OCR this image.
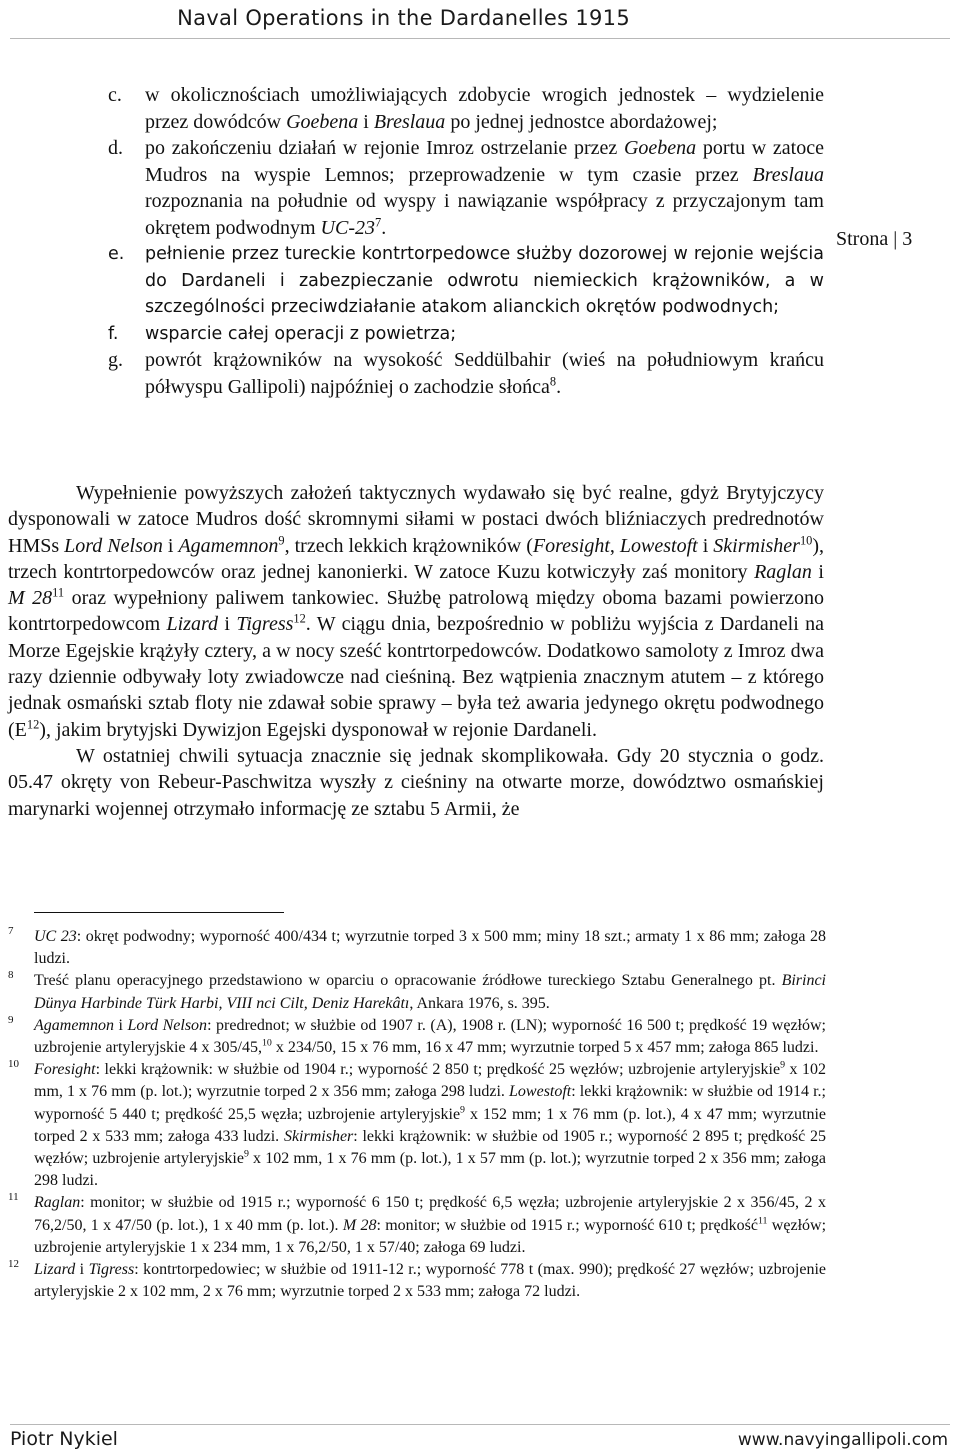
Naval Operations in the Dardanelles 1915
Strona | 3
c. w okolicznościach umożliwiających zdobycie wrogich jednostek – wydzielenie przez dowódców Goebena i Breslaua po jednej jednostce abordażowej;
d. po zakończeniu działań w rejonie Imroz ostrzelanie przez Goebena portu w zatoce Mudros na wyspie Lemnos; przeprowadzenie w tym czasie przez Breslaua rozpoznania na południe od wyspy i nawiązanie współpracy z przyczajonym tam okrętem podwodnym $UC-23^7$.
e. pełnienie przez tureckie kontrtorpedowce służby dozorowej w rejonie wejścia do Dardaneli i zabezpieczanie odwrotu niemieckich krążowników, a w szczególności przeciwdziałanie atakom alianckich okrętów podwodnych;
f. wsparcie całej operacji z powietrza;
g. powrót krążowników na wysokość Seddülbahir (wieś na południowym krańcu półwyspu Gallipoli) najpóźniej o zachodzie słońca$^8$.

Wypełnienie powyższych założeń taktycznych wydawało się być realne, gdyż Brytyjczycy dysponowali w zatoce Mudros dość skromnymi siłami w postaci dwóch bliźniaczych predrednotów HMSs Lord Nelson i Agamemnon$^9$, trzech lekkich krążowników (Foresight, Lowestoft i Skirmisher$^{10}$), trzech kontrtorpedowców oraz jednej kanonierki. W zatoce Kuzu kotwiczyły zaś monitory Raglan i M $28^{11}$ oraz wypełniony paliwem tankowiec. Służbę patrolową między oboma bazami powierzono kontrtorpedowcom Lizard i Tigress$^{12}$. W ciągu dnia, bezpośrednio w pobliżu wyjścia z Dardaneli na Morze Egejskie krążyły cztery, a w nocy sześć kontrtorpedowców. Dodatkowo samoloty z Imroz dwa razy dziennie odbywały loty zwiadowcze nad cieśniną. Bez wątpienia znacznym atutem – z którego jednak osmański sztab floty nie zdawał sobie sprawy – była też awaria jedynego okrętu podwodnego $(E^{12})$, jakim brytyjski Dywizjon Egejski dysponował w rejonie Dardaneli.

W ostatniej chwili sytuacja znacznie się jednak skomplikowała. Gdy 20 stycznia o godz. 05.47 okręty von Rebeur-Paschwitza wyszły z cieśniny na otwarte morze, dowództwo osmańskiej marynarki wojennej otrzymało informację ze sztabu 5 Armii, że

7 UC 23: okręt podwodny; wyporność 400/434 t; wyrzutnie torped 3 x 500 mm; miny 18 szt.; armaty 1 x 86 mm; załoga 28 ludzi.
8 Treść planu operacyjnego przedstawiono w oparciu o opracowanie źródłowe tureckiego Sztabu Generalnego pt. Birinci Dünya Harbinde Türk Harbi, VIII nci Cilt, Deniz Harekâtı, Ankara 1976, s. 395.
9 Agamemnon i Lord Nelson: predrednot; w służbie od 1907 r. (A), 1908 r. (LN); wyporność 16 500 t; prędkość 19 węzłów; uzbrojenie artyleryjskie 4 x 305/45,10 x 234/50, 15 x 76 mm, 16 x 47 mm; wyrzutnie torped 5 x 457 mm; załoga 865 ludzi.
10 Foresight: lekki krążownik: w służbie od 1904 r.; wyporność 2 850 t; prędkość 25 węzłów; uzbrojenie artyleryjskie$^9$ x 102 mm, 1 x 76 mm (p. lot.); wyrzutnie torped 2 x 356 mm; załoga 298 ludzi. Lowestoft: lekki krążownik: w służbie od 1914 r.; wyporność 5 440 t; prędkość 25,5 węzła; uzbrojenie artyleryjskie$^9$ x 152 mm; 1 x 76 mm (p. lot.), 4 x 47 mm; wyrzutnie torped 2 x 533 mm; załoga 433 ludzi. Skirmisher: lekki krążownik: w służbie od 1905 r.; wyporność 2 895 t; prędkość 25 węzłów; uzbrojenie artyleryjskie$^9$ x 102 mm, 1 x 76 mm (p. lot.), 1 x 57 mm (p. lot.); wyrzutnie torped 2 x 356 mm; załoga 298 ludzi.
11 Raglan: monitor; w służbie od 1915 r.; wyporność 6 150 t; prędkość 6,5 węzła; uzbrojenie artyleryjskie 2 x 356/45, 2 x 76,2/50, 1 x 47/50 (p. lot.), 1 x 40 mm (p. lot.). M 28: monitor; w służbie od 1915 r.; wyporność 610 t; prędkość$^{11}$ węzłów; uzbrojenie artyleryjskie 1 x 234 mm, 1 x 76,2/50, 1 x 57/40; załoga 69 ludzi.
12 Lizard i Tigress: kontrtorpedowiec; w służbie od 1911-12 r.; wyporność 778 t (max. 990); prędkość 27 węzłów; uzbrojenie artyleryjskie 2 x 102 mm, 2 x 76 mm; wyrzutnie torped 2 x 533 mm; załoga 72 ludzi.
Piotr Nykiel	www.navyingallipoli.com
